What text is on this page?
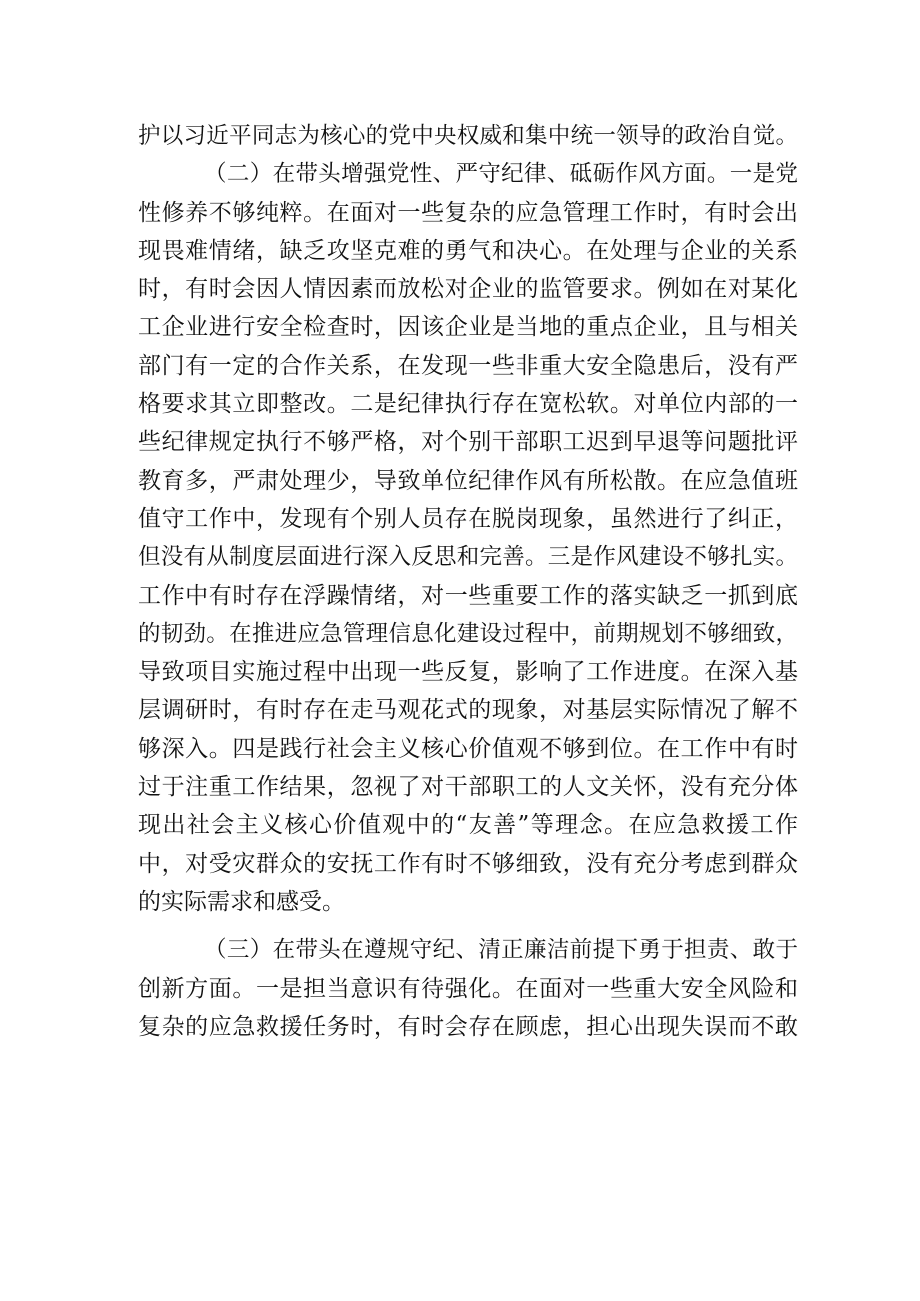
护以习近平同志为核心的党中央权威和集中统一领导的政治自觉。
（二）在带头增强党性、严守纪律、砥砺作风方面。一是党
性修养不够纯粹。在面对一些复杂的应急管理工作时，有时会出
现畏难情绪，缺乏攻坚克难的勇气和决心。在处理与企业的关系
时，有时会因人情因素而放松对企业的监管要求。例如在对某化
工企业进行安全检查时，因该企业是当地的重点企业，且与相关
部门有一定的合作关系，在发现一些非重大安全隐患后，没有严
格要求其立即整改。二是纪律执行存在宽松软。对单位内部的一
些纪律规定执行不够严格，对个别干部职工迟到早退等问题批评
教育多，严肃处理少，导致单位纪律作风有所松散。在应急值班
值守工作中，发现有个别人员存在脱岗现象，虽然进行了纠正，
但没有从制度层面进行深入反思和完善。三是作风建设不够扎实。
工作中有时存在浮躁情绪，对一些重要工作的落实缺乏一抓到底
的韧劲。在推进应急管理信息化建设过程中，前期规划不够细致，
导致项目实施过程中出现一些反复，影响了工作进度。在深入基
层调研时，有时存在走马观花式的现象，对基层实际情况了解不
够深入。四是践行社会主义核心价值观不够到位。在工作中有时
过于注重工作结果，忽视了对干部职工的人文关怀，没有充分体
现出社会主义核心价值观中的“友善”等理念。在应急救援工作
中，对受灾群众的安抚工作有时不够细致，没有充分考虑到群众
的实际需求和感受。
（三）在带头在遵规守纪、清正廉洁前提下勇于担责、敢于
创新方面。一是担当意识有待强化。在面对一些重大安全风险和
复杂的应急救援任务时，有时会存在顾虑，担心出现失误而不敢
